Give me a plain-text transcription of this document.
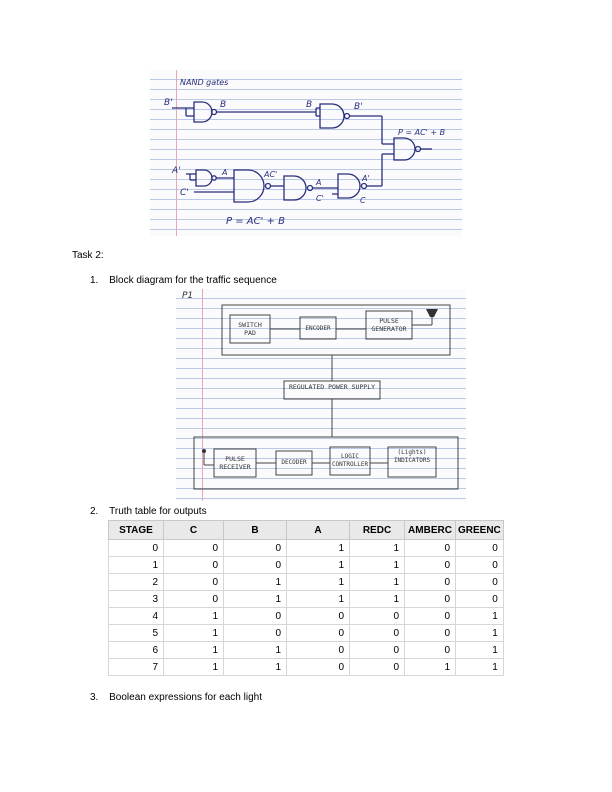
NAND gates
B'	B	B	B'
A'	A
C'
AC'
A
C'
A'
C
P = AC' + B
P = AC' + B
Task 2:
1. Block diagram for the traffic sequence
P1
SWITCH PAD
ENCODER
PULSE GENERATOR
REGULATED POWER SUPPLY
PULSE RECEIVER
DECODER
LOGIC CONTROLLER
(Lights) INDICATORS
2. Truth table for outputs
STAGE	C	B	A	REDC	AMBERC	GREENC
0	0	0	1	1	0	0
1	0	0	1	1	0	0
2	0	1	1	1	0	0
3	0	1	1	1	0	0
4	1	0	0	0	0	1
5	1	0	0	0	0	1
6	1	1	0	0	0	1
7	1	1	0	0	1	1
3. Boolean expressions for each light
